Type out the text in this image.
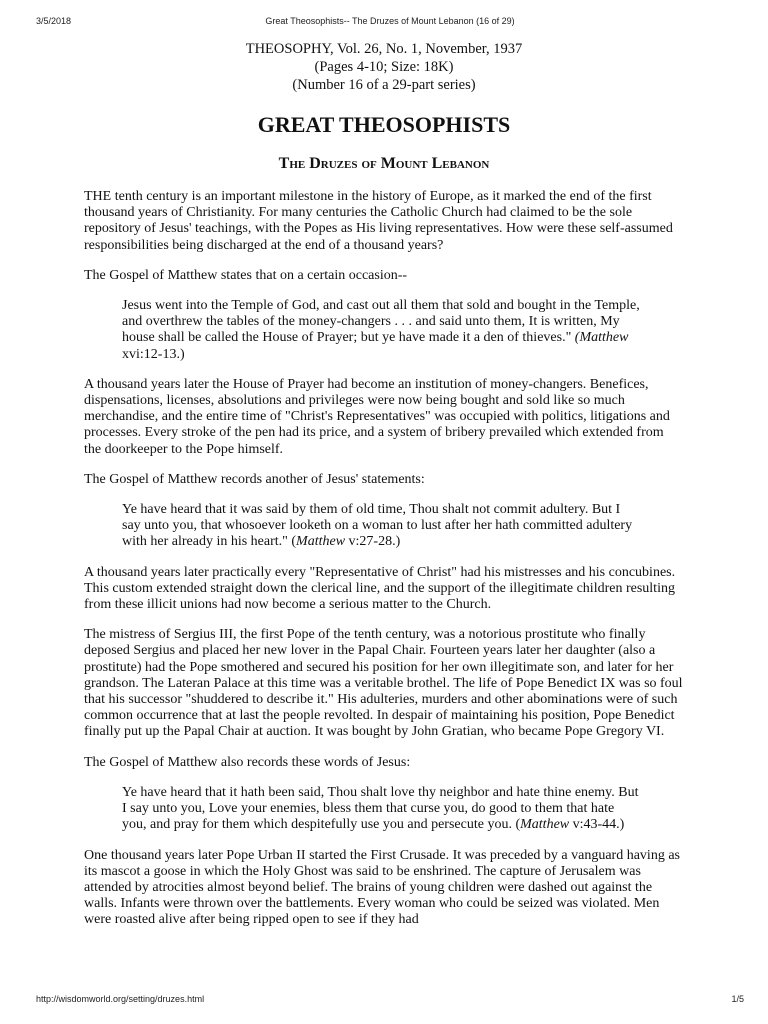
3/5/2018	Great Theosophists-- The Druzes of Mount Lebanon (16 of 29)
THEOSOPHY, Vol. 26, No. 1, November, 1937
(Pages 4-10; Size: 18K)
(Number 16 of a 29-part series)
GREAT THEOSOPHISTS
The Druzes of Mount Lebanon

THE tenth century is an important milestone in the history of Europe, as it marked the end of the first thousand years of Christianity. For many centuries the Catholic Church had claimed to be the sole repository of Jesus' teachings, with the Popes as His living representatives. How were these self-assumed responsibilities being discharged at the end of a thousand years?

The Gospel of Matthew states that on a certain occasion--

Jesus went into the Temple of God, and cast out all them that sold and bought in the Temple, and overthrew the tables of the money-changers . . . and said unto them, It is written, My house shall be called the House of Prayer; but ye have made it a den of thieves." (Matthew xvi:12-13.)

A thousand years later the House of Prayer had become an institution of money-changers. Benefices, dispensations, licenses, absolutions and privileges were now being bought and sold like so much merchandise, and the entire time of "Christ's Representatives" was occupied with politics, litigations and processes. Every stroke of the pen had its price, and a system of bribery prevailed which extended from the doorkeeper to the Pope himself.

The Gospel of Matthew records another of Jesus' statements:

Ye have heard that it was said by them of old time, Thou shalt not commit adultery. But I say unto you, that whosoever looketh on a woman to lust after her hath committed adultery with her already in his heart." (Matthew v:27-28.)

A thousand years later practically every "Representative of Christ" had his mistresses and his concubines. This custom extended straight down the clerical line, and the support of the illegitimate children resulting from these illicit unions had now become a serious matter to the Church.

The mistress of Sergius III, the first Pope of the tenth century, was a notorious prostitute who finally deposed Sergius and placed her new lover in the Papal Chair. Fourteen years later her daughter (also a prostitute) had the Pope smothered and secured his position for her own illegitimate son, and later for her grandson. The Lateran Palace at this time was a veritable brothel. The life of Pope Benedict IX was so foul that his successor "shuddered to describe it." His adulteries, murders and other abominations were of such common occurrence that at last the people revolted. In despair of maintaining his position, Pope Benedict finally put up the Papal Chair at auction. It was bought by John Gratian, who became Pope Gregory VI.

The Gospel of Matthew also records these words of Jesus:

Ye have heard that it hath been said, Thou shalt love thy neighbor and hate thine enemy. But I say unto you, Love your enemies, bless them that curse you, do good to them that hate you, and pray for them which despitefully use you and persecute you. (Matthew v:43-44.)

One thousand years later Pope Urban II started the First Crusade. It was preceded by a vanguard having as its mascot a goose in which the Holy Ghost was said to be enshrined. The capture of Jerusalem was attended by atrocities almost beyond belief. The brains of young children were dashed out against the walls. Infants were thrown over the battlements. Every woman who could be seized was violated. Men were roasted alive after being ripped open to see if they had

http://wisdomworld.org/setting/druzes.html	1/5
